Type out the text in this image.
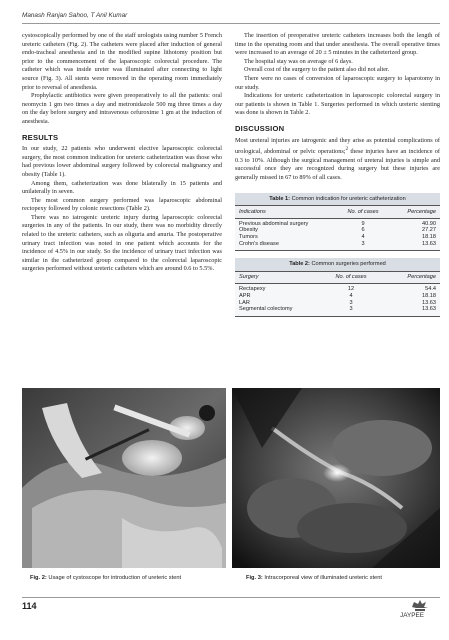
Manash Ranjan Sahoo, T Anil Kumar

cystoscopically performed by one of the staff urologists using number 5 French ureteric catheters (Fig. 2). The catheters were placed after induction of general endo-tracheal anesthesia and in the modified supine lithotomy position but prior to the commencement of the laparoscopic colorectal procedure. The catheter which was inside ureter was illuminated after connecting to light source (Fig. 3). All stents were removed in the operating room immediately prior to reversal of anesthesia.

Prophylactic antibiotics were given preoperatively to all the patients: oral neomycin 1 gm two times a day and metronidazole 500 mg three times a day on the day before surgery and intravenous cefuroxime 1 gm at the induction of anesthesia.

RESULTS

In our study, 22 patients who underwent elective laparoscopic colorectal surgery, the most common indication for ureteric catheterization was those who had previous lower abdominal surgery followed by colorectal malignancy and obesity (Table 1).

Among them, catheterization was done bilaterally in 15 patients and unilaterally in seven.

The most common surgery performed was laparoscopic abdominal rectopexy followed by colonic resections (Table 2).

There was no iatrogenic ureteric injury during laparoscopic colorectal surgeries in any of the patients. In our study, there was no morbidity directly related to the ureteric catheters, such as oliguria and anuria. The postoperative urinary tract infection was noted in one patient which accounts for the incidence of 4.5% in our study. So the incidence of urinary tract infection was similar in the catheterized group compared to the colorectal laparoscopic surgeries performed without ureteric catheters which are around 0.6 to 5.5%.

The insertion of preoperative ureteric catheters increases both the length of time in the operating room and that under anesthesia. The overall operative times were increased to an average of 20 ± 5 minutes in the catheterized group.

The hospital stay was on average of 6 days.

Overall cost of the surgery to the patient also did not alter.

There were no cases of conversion of laparoscopic surgery to laparotomy in our study.

Indications for ureteric catheterization in laparoscopic colorectal surgery in our patients is shown in Table 1. Surgeries performed in which ureteric stenting was done is shown in Table 2.

DISCUSSION

Most ureteral injuries are iatrogenic and they arise as potential complications of urological, abdominal or pelvic operations;$^2$ these injuries have an incidence of 0.3 to 10%. Although the surgical management of ureteral injuries is simple and successful once they are recognized during surgery but these injuries are generally missed in 67 to 89% of all cases.

Table 1: Common indication for ureteric catheterization
Indications	No. of cases	Percentage
Previous abdominal surgery	9	40.90
Obesity	6	27.27
Tumors	4	18.18
Crohn's disease	3	13.63
Table 2: Common surgeries performed
Surgery	No. of cases	Percentage
Rectapexy	12	54.4
APR	4	18.18
LAR	3	13.63
Segmental colectomy	3	13.63
Fig. 2: Usage of cystoscope for introduction of ureteric stent	Fig. 3: Intracorporeal view of illuminated ureteric stent
114
JAYPEE
